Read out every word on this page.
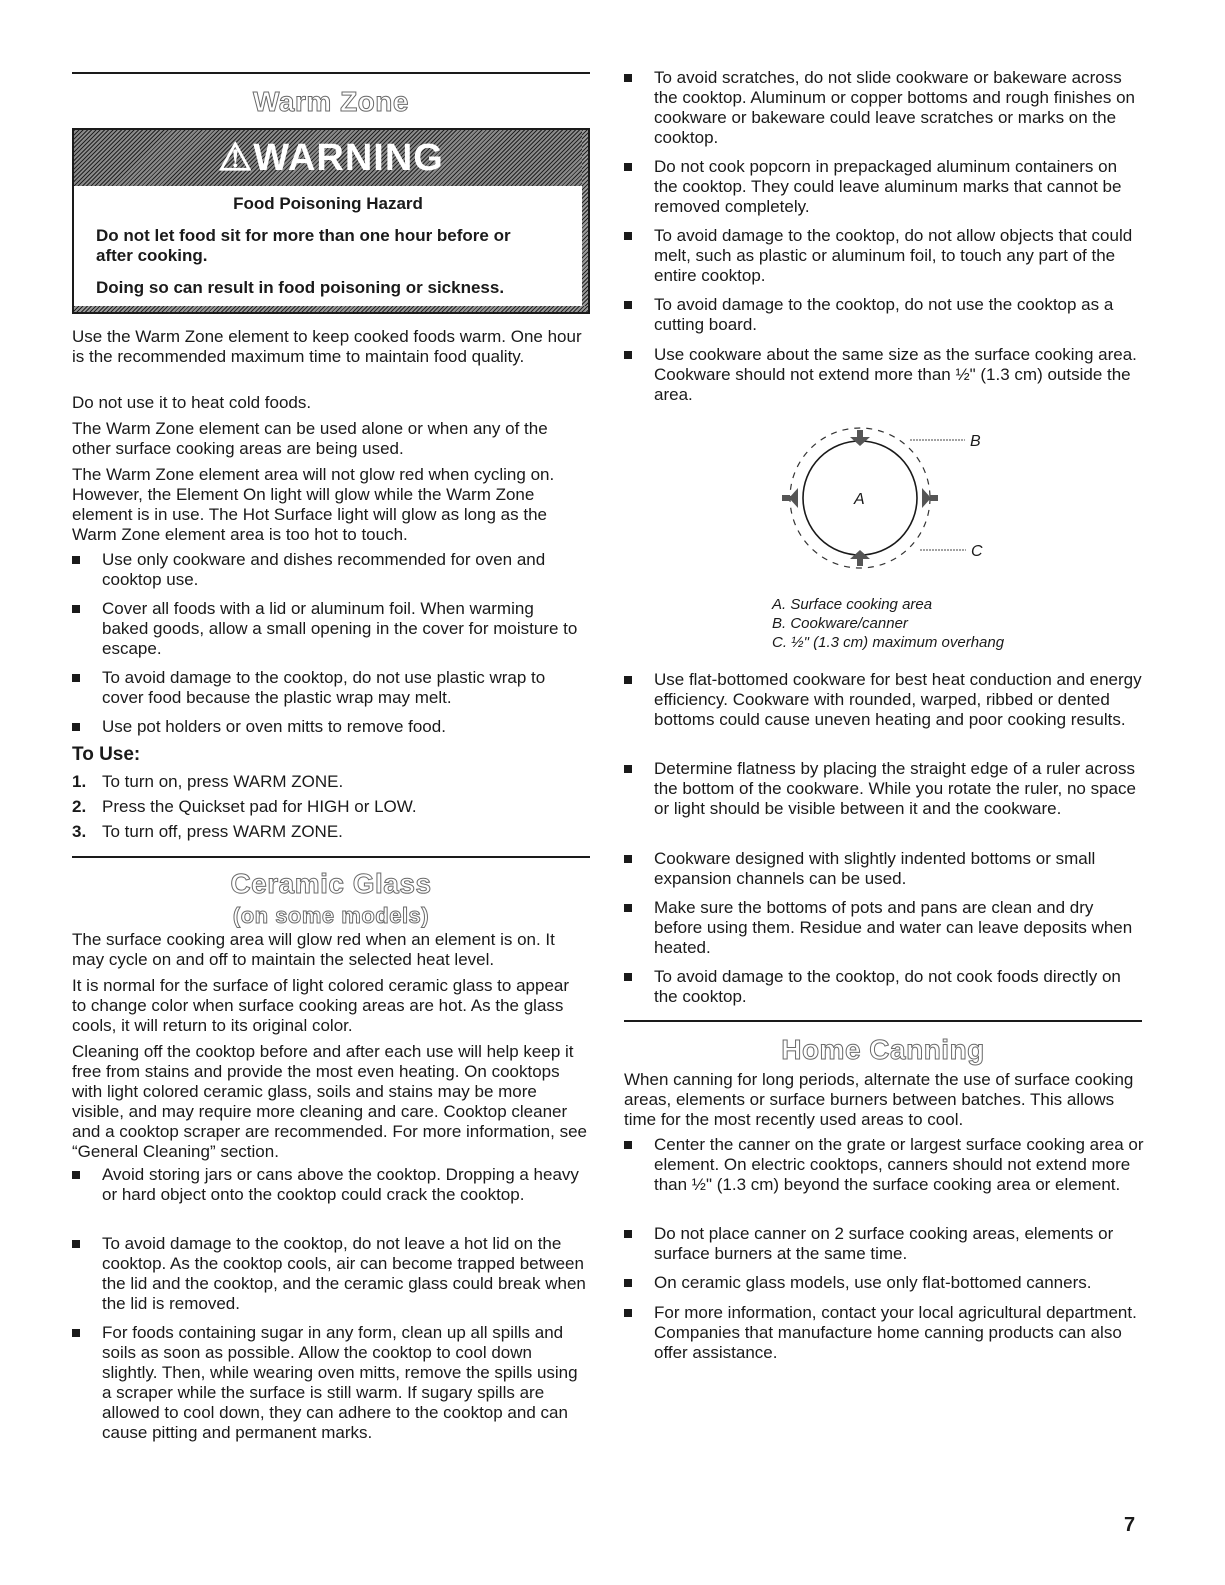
Warm Zone
⚠WARNING
Food Poisoning Hazard
Do not let food sit for more than one hour before or after cooking.
Doing so can result in food poisoning or sickness.
Use the Warm Zone element to keep cooked foods warm. One hour is the recommended maximum time to maintain food quality.
Do not use it to heat cold foods.
The Warm Zone element can be used alone or when any of the other surface cooking areas are being used.
The Warm Zone element area will not glow red when cycling on. However, the Element On light will glow while the Warm Zone element is in use. The Hot Surface light will glow as long as the Warm Zone element area is too hot to touch.
Use only cookware and dishes recommended for oven and cooktop use.
Cover all foods with a lid or aluminum foil. When warming baked goods, allow a small opening in the cover for moisture to escape.
To avoid damage to the cooktop, do not use plastic wrap to cover food because the plastic wrap may melt.
Use pot holders or oven mitts to remove food.
To Use:
1. To turn on, press WARM ZONE.
2. Press the Quickset pad for HIGH or LOW.
3. To turn off, press WARM ZONE.
Ceramic Glass
(on some models)
The surface cooking area will glow red when an element is on. It may cycle on and off to maintain the selected heat level.
It is normal for the surface of light colored ceramic glass to appear to change color when surface cooking areas are hot. As the glass cools, it will return to its original color.
Cleaning off the cooktop before and after each use will help keep it free from stains and provide the most even heating. On cooktops with light colored ceramic glass, soils and stains may be more visible, and may require more cleaning and care. Cooktop cleaner and a cooktop scraper are recommended. For more information, see “General Cleaning” section.
Avoid storing jars or cans above the cooktop. Dropping a heavy or hard object onto the cooktop could crack the cooktop.
To avoid damage to the cooktop, do not leave a hot lid on the cooktop. As the cooktop cools, air can become trapped between the lid and the cooktop, and the ceramic glass could break when the lid is removed.
For foods containing sugar in any form, clean up all spills and soils as soon as possible. Allow the cooktop to cool down slightly. Then, while wearing oven mitts, remove the spills using a scraper while the surface is still warm. If sugary spills are allowed to cool down, they can adhere to the cooktop and can cause pitting and permanent marks.
To avoid scratches, do not slide cookware or bakeware across the cooktop. Aluminum or copper bottoms and rough finishes on cookware or bakeware could leave scratches or marks on the cooktop.
Do not cook popcorn in prepackaged aluminum containers on the cooktop. They could leave aluminum marks that cannot be removed completely.
To avoid damage to the cooktop, do not allow objects that could melt, such as plastic or aluminum foil, to touch any part of the entire cooktop.
To avoid damage to the cooktop, do not use the cooktop as a cutting board.
Use cookware about the same size as the surface cooking area. Cookware should not extend more than ½" (1.3 cm) outside the area.
A
B
C
A. Surface cooking area
B. Cookware/canner
C. ½" (1.3 cm) maximum overhang
Use flat-bottomed cookware for best heat conduction and energy efficiency. Cookware with rounded, warped, ribbed or dented bottoms could cause uneven heating and poor cooking results.
Determine flatness by placing the straight edge of a ruler across the bottom of the cookware. While you rotate the ruler, no space or light should be visible between it and the cookware.
Cookware designed with slightly indented bottoms or small expansion channels can be used.
Make sure the bottoms of pots and pans are clean and dry before using them. Residue and water can leave deposits when heated.
To avoid damage to the cooktop, do not cook foods directly on the cooktop.
Home Canning
When canning for long periods, alternate the use of surface cooking areas, elements or surface burners between batches. This allows time for the most recently used areas to cool.
Center the canner on the grate or largest surface cooking area or element. On electric cooktops, canners should not extend more than ½" (1.3 cm) beyond the surface cooking area or element.
Do not place canner on 2 surface cooking areas, elements or surface burners at the same time.
On ceramic glass models, use only flat-bottomed canners.
For more information, contact your local agricultural department. Companies that manufacture home canning products can also offer assistance.
7
